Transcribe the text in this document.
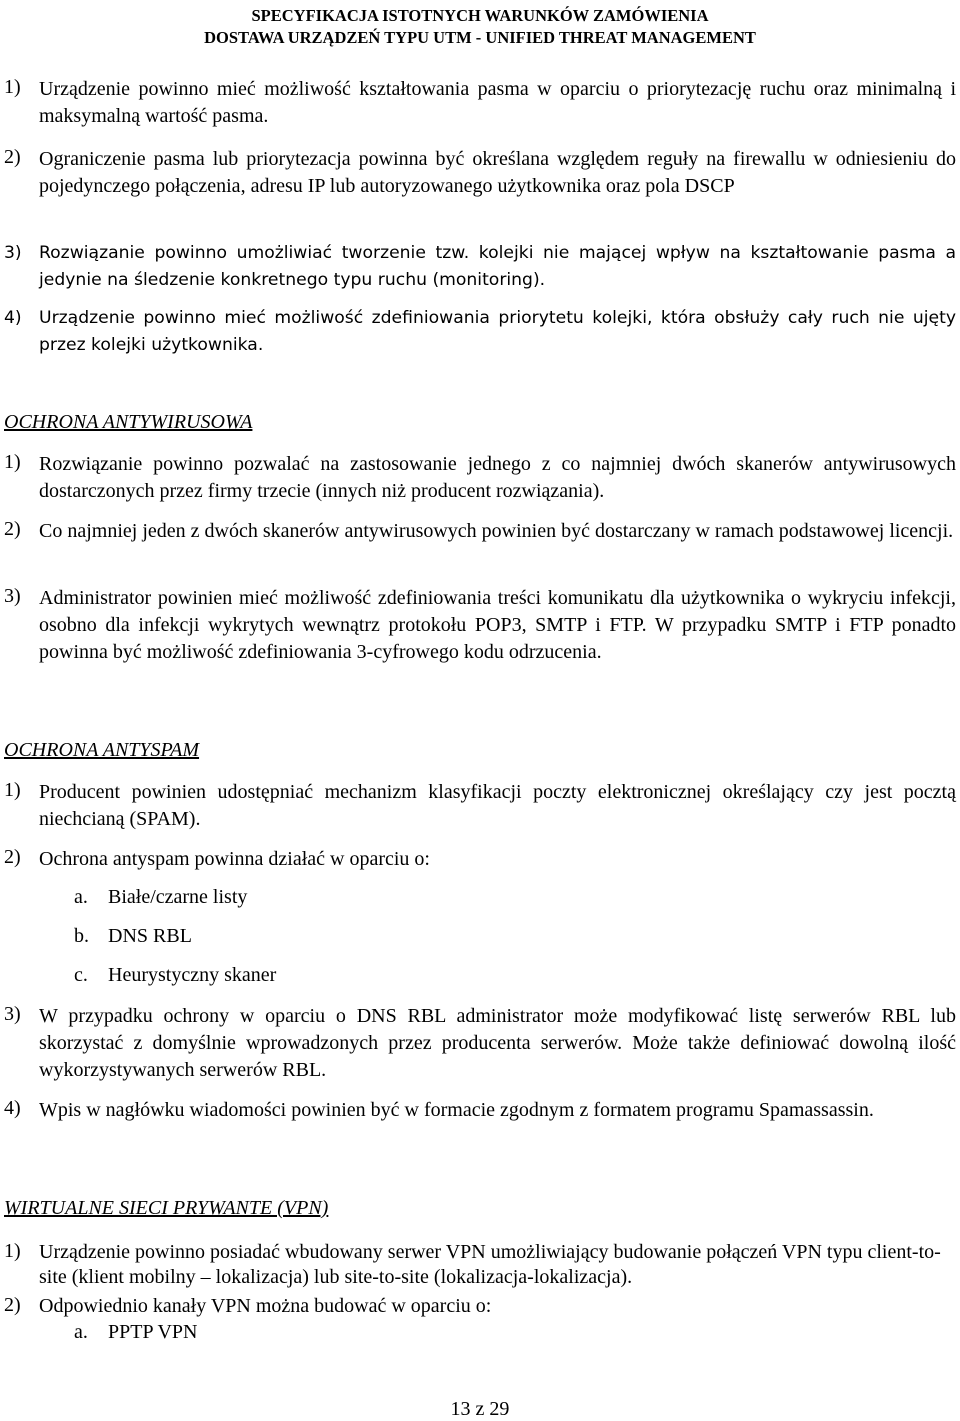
SPECYFIKACJA ISTOTNYCH WARUNKÓW ZAMÓWIENIA
DOSTAWA URZĄDZEŃ TYPU UTM - UNIFIED THREAT MANAGEMENT
1) Urządzenie powinno mieć możliwość kształtowania pasma w oparciu o priorytezację ruchu oraz minimalną i maksymalną wartość pasma.
2) Ograniczenie pasma lub priorytezacja powinna być określana względem reguły na firewallu w odniesieniu do pojedynczego połączenia, adresu IP lub autoryzowanego użytkownika oraz pola DSCP
3) Rozwiązanie powinno umożliwiać tworzenie tzw. kolejki nie mającej wpływ na kształtowanie pasma a jedynie na śledzenie konkretnego typu ruchu (monitoring).
4) Urządzenie powinno mieć możliwość zdefiniowania priorytetu kolejki, która obsłuży cały ruch nie ujęty przez kolejki użytkownika.
OCHRONA ANTYWIRUSOWA
1) Rozwiązanie powinno pozwalać na zastosowanie jednego z co najmniej dwóch skanerów antywirusowych dostarczonych przez firmy trzecie (innych niż producent rozwiązania).
2) Co najmniej jeden z dwóch skanerów antywirusowych powinien być dostarczany w ramach podstawowej licencji.
3) Administrator powinien mieć możliwość zdefiniowania treści komunikatu dla użytkownika o wykryciu infekcji, osobno dla infekcji wykrytych wewnątrz protokołu POP3, SMTP i FTP. W przypadku SMTP i FTP ponadto powinna być możliwość zdefiniowania 3-cyfrowego kodu odrzucenia.
OCHRONA ANTYSPAM
1) Producent powinien udostępniać mechanizm klasyfikacji poczty elektronicznej określający czy jest pocztą niechcianą (SPAM).
2) Ochrona antyspam powinna działać w oparciu o:
a. Białe/czarne listy
b. DNS RBL
c. Heurystyczny skaner
3) W przypadku ochrony w oparciu o DNS RBL administrator może modyfikować listę serwerów RBL lub skorzystać z domyślnie wprowadzonych przez producenta serwerów. Może także definiować dowolną ilość wykorzystywanych serwerów RBL.
4) Wpis w nagłówku wiadomości powinien być w formacie zgodnym z formatem programu Spamassassin.
WIRTUALNE SIECI PRYWANTE (VPN)
1) Urządzenie powinno posiadać wbudowany serwer VPN umożliwiający budowanie połączeń VPN typu client-to-site (klient mobilny – lokalizacja) lub site-to-site (lokalizacja-lokalizacja).
2) Odpowiednio kanały VPN można budować w oparciu o:
a. PPTP VPN
13 z 29
